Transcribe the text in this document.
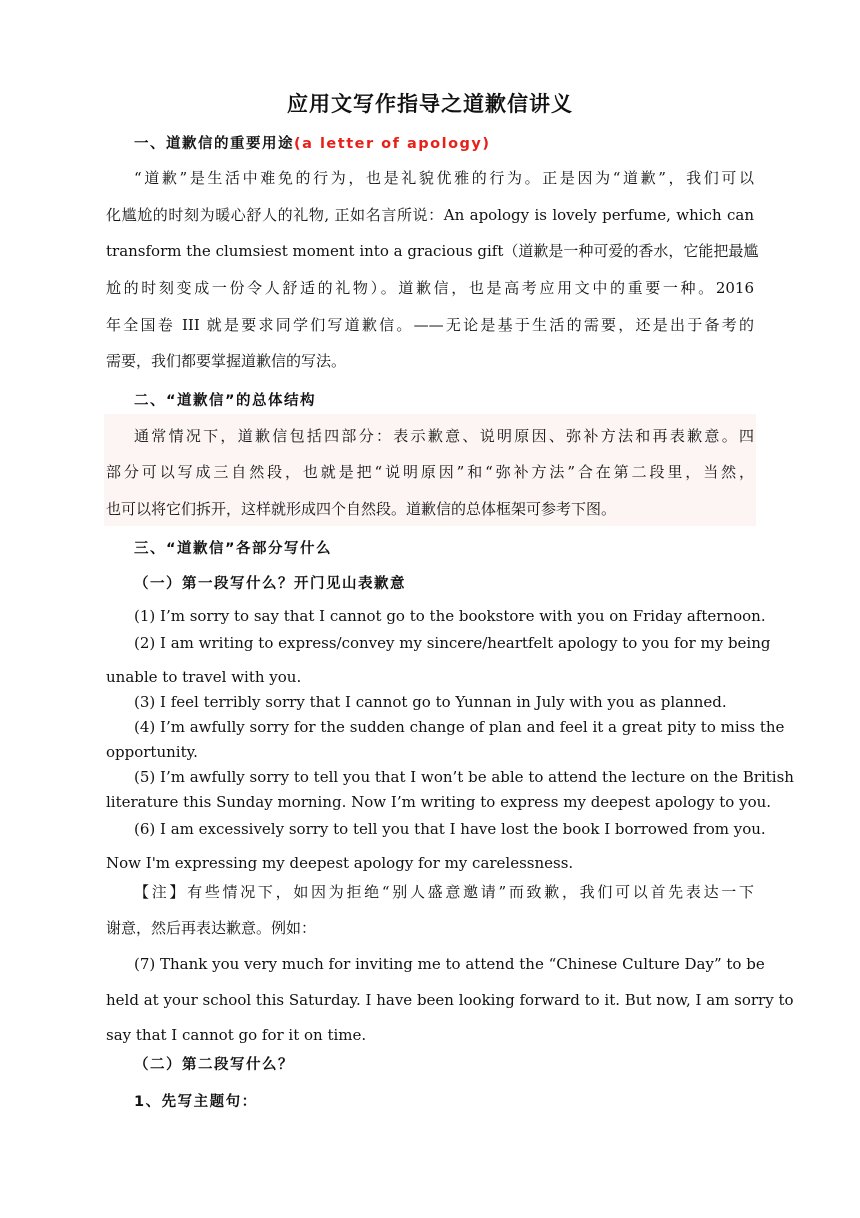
应用文写作指导之道歉信讲义
一、道歉信的重要用途(a letter of apology)
“道歉”是生活中难免的行为，也是礼貌优雅的行为。正是因为“道歉”，我们可以
化尴尬的时刻为暖心舒人的礼物, 正如名言所说：An apology is lovely perfume, which can
transform the clumsiest moment into a gracious gift（道歉是一种可爱的香水，它能把最尴
尬的时刻变成一份令人舒适的礼物）。道歉信，也是高考应用文中的重要一种。2016
年全国卷 III 就是要求同学们写道歉信。——无论是基于生活的需要，还是出于备考的
需要，我们都要掌握道歉信的写法。
二、“道歉信”的总体结构
通常情况下，道歉信包括四部分：表示歉意、说明原因、弥补方法和再表歉意。四
部分可以写成三自然段，也就是把“说明原因”和“弥补方法”合在第二段里，当然，
也可以将它们拆开，这样就形成四个自然段。道歉信的总体框架可参考下图。
三、“道歉信”各部分写什么
（一）第一段写什么？开门见山表歉意
(1) I’m sorry to say that I cannot go to the bookstore with you on Friday afternoon.
(2) I am writing to express/convey my sincere/heartfelt apology to you for my being
unable to travel with you.
(3) I feel terribly sorry that I cannot go to Yunnan in July with you as planned.
(4) I’m awfully sorry for the sudden change of plan and feel it a great pity to miss the
opportunity.
(5) I’m awfully sorry to tell you that I won’t be able to attend the lecture on the British
literature this Sunday morning. Now I’m writing to express my deepest apology to you.
(6) I am excessively sorry to tell you that I have lost the book I borrowed from you.
Now I'm expressing my deepest apology for my carelessness.
【注】有些情况下，如因为拒绝“别人盛意邀请”而致歉，我们可以首先表达一下
谢意，然后再表达歉意。例如：
(7) Thank you very much for inviting me to attend the “Chinese Culture Day” to be
held at your school this Saturday. I have been looking forward to it. But now, I am sorry to
say that I cannot go for it on time.
（二）第二段写什么？
1、先写主题句：
